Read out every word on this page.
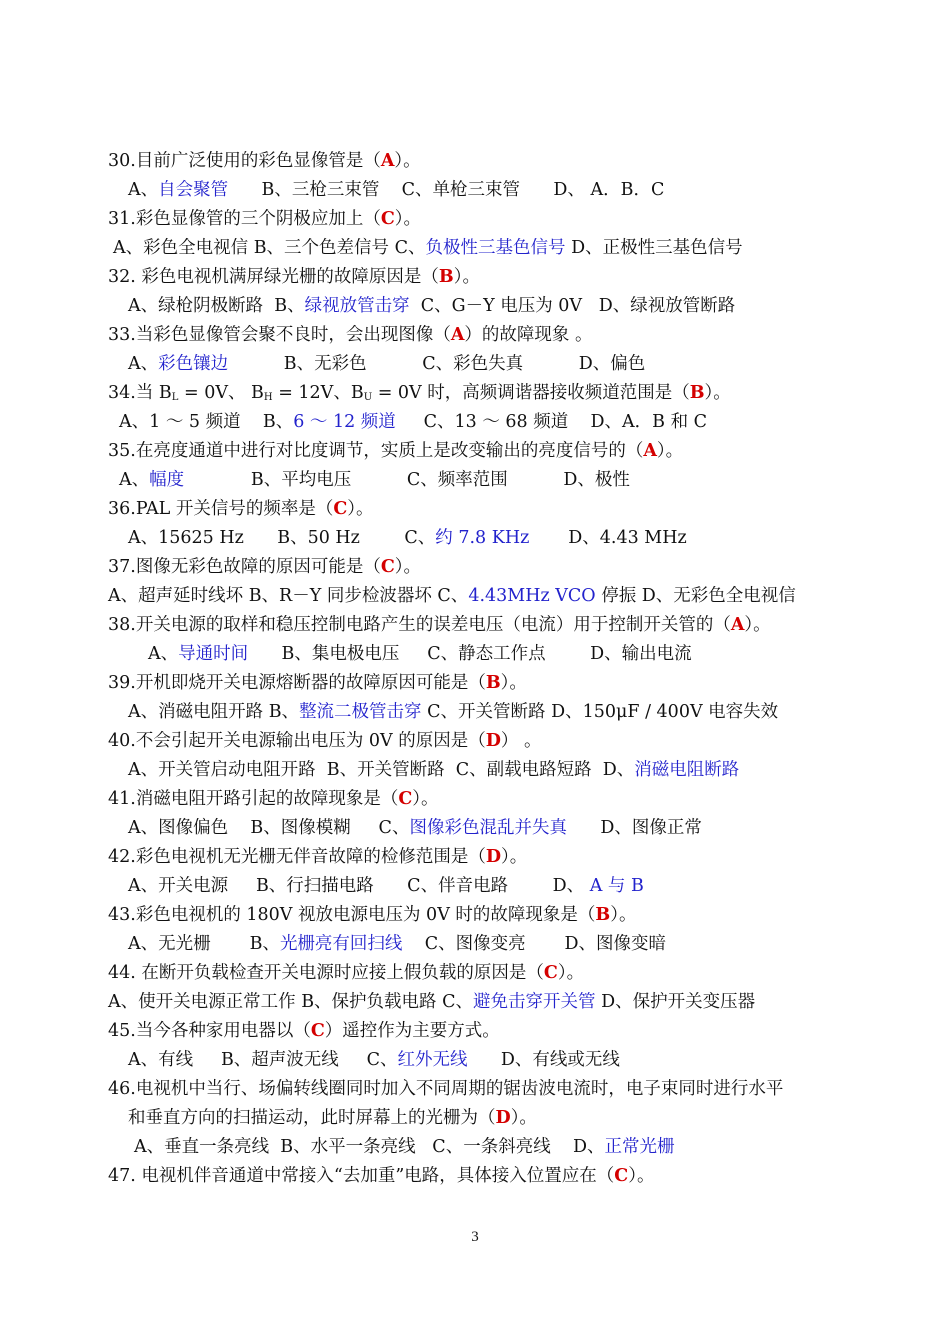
30.目前广泛使用的彩色显像管是（A）。
A、自会聚管      B、三枪三束管    C、单枪三束管      D、 A．B．C
31.彩色显像管的三个阴极应加上（C）。
A、彩色全电视信 B、三个色差信号 C、负极性三基色信号 D、正极性三基色信号
32. 彩色电视机满屏绿光栅的故障原因是（B）。
A、绿枪阴极断路  B、绿视放管击穿  C、G－Y 电压为 0V   D、绿视放管断路
33.当彩色显像管会聚不良时，会出现图像（A）的故障现象 。
A、彩色镶边          B、无彩色          C、彩色失真          D、偏色
34.当 $B_L = 0V$、 $B_H = 12V$、$B_U = 0V$ 时，高频调谐器接收频道范围是（B）。
A、1 ～ 5 频道    B、6 ～ 12 频道     C、13 ～ 68 频道    D、A．B 和 C
35.在亮度通道中进行对比度调节，实质上是改变输出的亮度信号的（A）。
A、幅度            B、平均电压          C、频率范围          D、极性
36.PAL 开关信号的频率是（C）。
A、15625 Hz      B、50 Hz        C、约 7.8 KHz       D、4.43 MHz
37.图像无彩色故障的原因可能是（C）。
A、超声延时线坏 B、R－Y 同步检波器坏 C、4.43MHz VCO 停振 D、无彩色全电视信
38.开关电源的取样和稳压控制电路产生的误差电压（电流）用于控制开关管的（A）。
A、导通时间      B、集电极电压     C、静态工作点        D、输出电流
39.开机即烧开关电源熔断器的故障原因可能是（B）。
A、消磁电阻开路 B、整流二极管击穿 C、开关管断路 D、150μF / 400V 电容失效
40.不会引起开关电源输出电压为 0V 的原因是（D） 。
A、开关管启动电阻开路  B、开关管断路  C、副载电路短路  D、消磁电阻断路
41.消磁电阻开路引起的故障现象是（C）。
A、图像偏色    B、图像模糊     C、图像彩色混乱并失真      D、图像正常
42.彩色电视机无光栅无伴音故障的检修范围是（D）。
A、开关电源     B、行扫描电路      C、伴音电路        D、 A 与 B
43.彩色电视机的 180V 视放电源电压为 0V 时的故障现象是（B）。
A、无光栅       B、光栅亮有回扫线    C、图像变亮       D、图像变暗
44. 在断开负载检查开关电源时应接上假负载的原因是（C）。
A、使开关电源正常工作 B、保护负载电路 C、避免击穿开关管 D、保护开关变压器
45.当今各种家用电器以（C）遥控作为主要方式。
A、有线     B、超声波无线     C、红外无线      D、有线或无线
46.电视机中当行、场偏转线圈同时加入不同周期的锯齿波电流时，电子束同时进行水平
和垂直方向的扫描运动，此时屏幕上的光栅为（D）。
A、垂直一条亮线  B、水平一条亮线   C、一条斜亮线    D、正常光栅
47. 电视机伴音通道中常接入“去加重”电路，具体接入位置应在（C）。
3
